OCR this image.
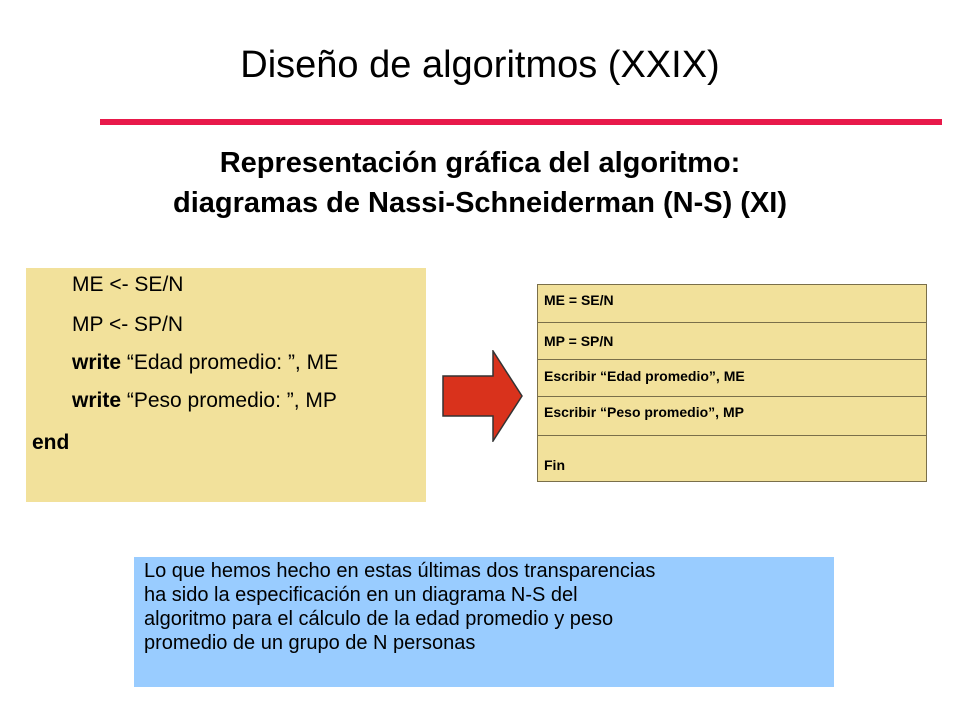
Diseño de algoritmos (XXIX)
Representación gráfica del algoritmo:
diagramas de Nassi-Schneiderman (N-S) (XI)
ME <- SE/N
MP <- SP/N
write “Edad promedio: ”, ME
write “Peso promedio: ”, MP
end
ME = SE/N
MP = SP/N
Escribir “Edad promedio”, ME
Escribir “Peso promedio”, MP
Fin

Lo que hemos hecho en estas últimas dos transparencias

ha sido la especificación en un diagrama N-S del

algoritmo para el cálculo de la edad promedio y peso

promedio de un grupo de N personas
